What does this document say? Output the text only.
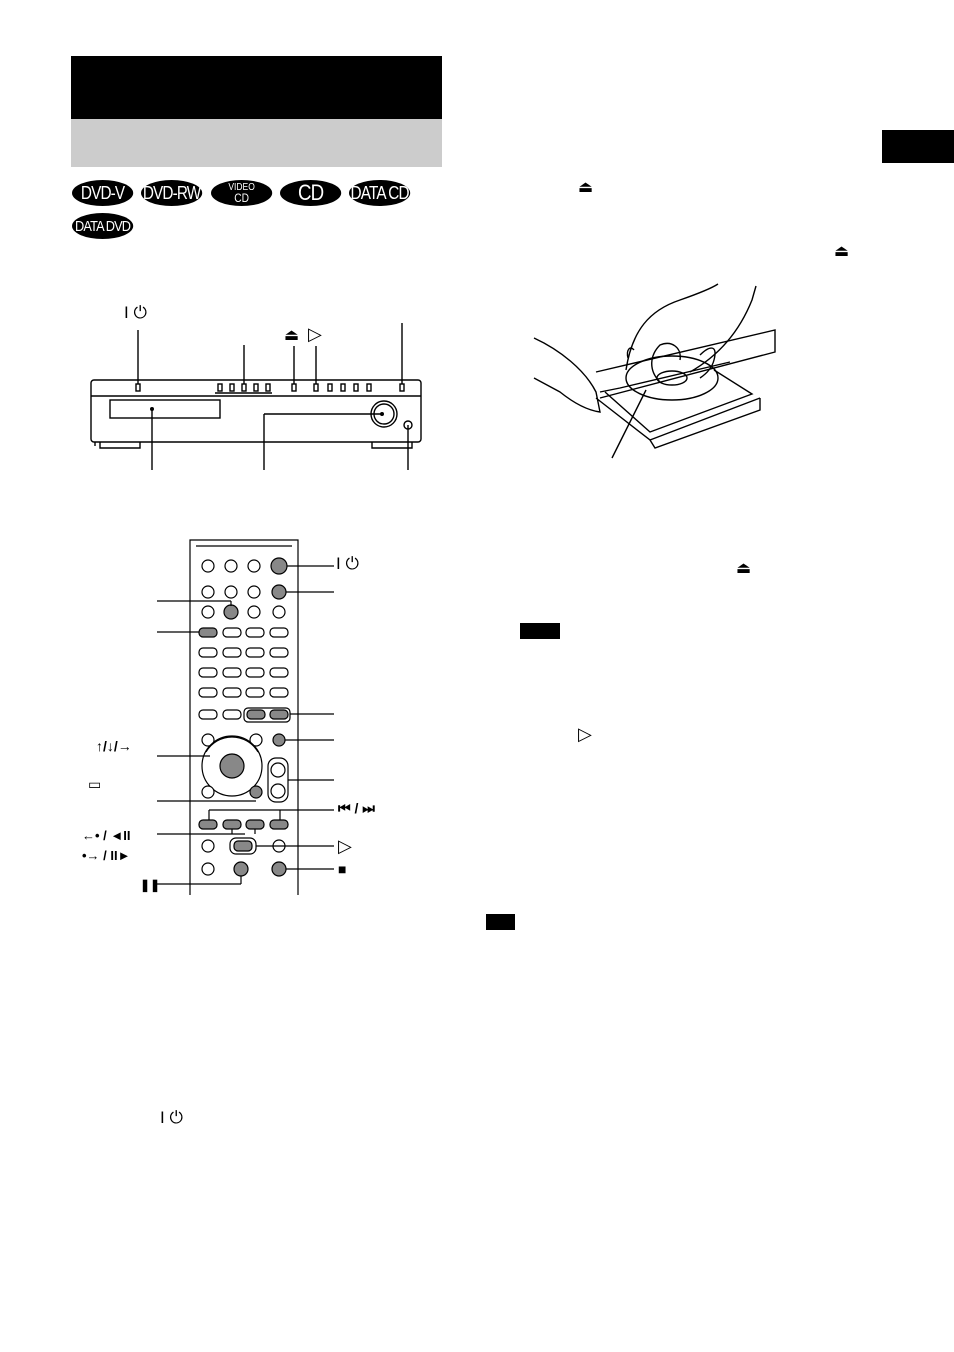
DVD-V	DVD-RW	VIDEO
CD	CD	DATA CD
DATA DVD
⏏
⏏
⏏
▷
I ⏻
I ⏻
⏏ ▷
I ⏻
↑/↓/→
▭
⏮ / ⏭
←• / ◄II
•→ / II►	▷
■
❚❚
